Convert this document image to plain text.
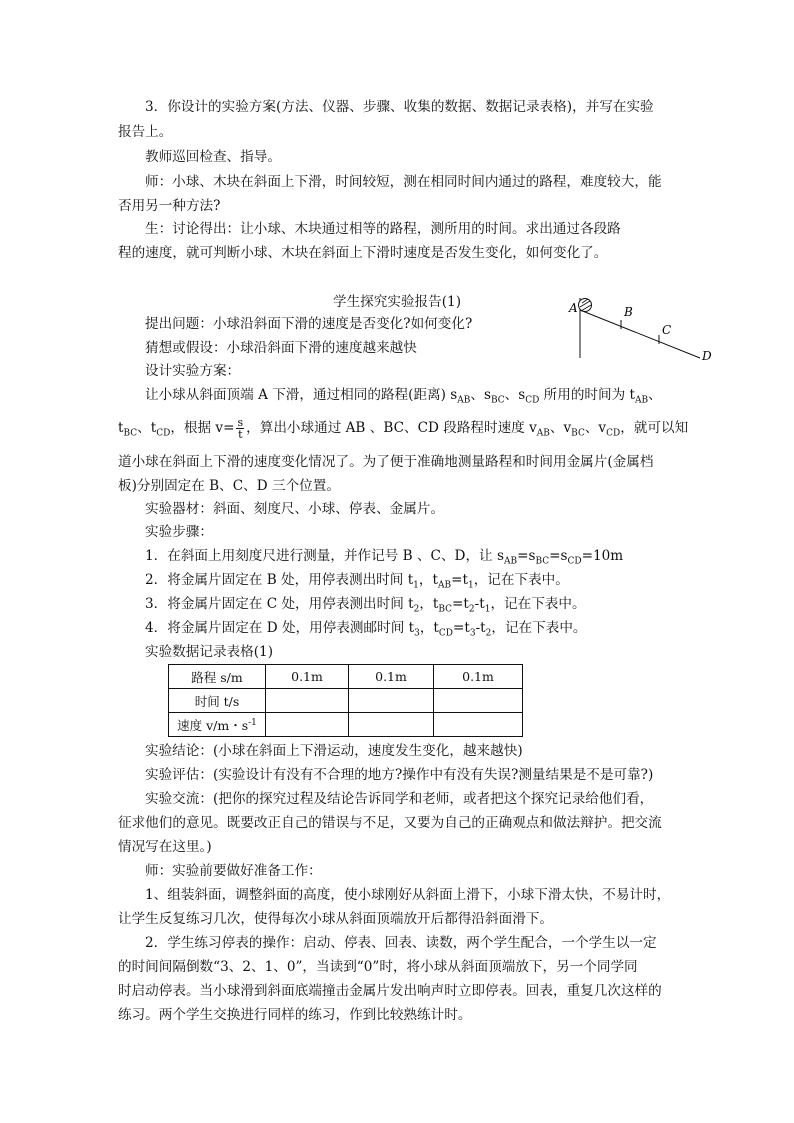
3．你设计的实验方案(方法、仪器、步骤、收集的数据、数据记录表格)，并写在实验
报告上。
教师巡回检查、指导。
师：小球、木块在斜面上下滑，时间较短，测在相同时间内通过的路程，难度较大，能
否用另一种方法?
生：讨论得出：让小球、木块通过相等的路程，测所用的时间。求出通过各段路
程的速度，就可判断小球、木块在斜面上下滑时速度是否发生变化，如何变化了。
学生探究实验报告(1)	A	B
C
D
提出问题：小球沿斜面下滑的速度是否变化?如何变化?
猜想或假设：小球沿斜面下滑的速度越来越快
设计实验方案：
让小球从斜面顶端 A 下滑，通过相同的路程(距离) $s_{AB}$、$s_{BC}$、$s_{CD}$ 所用的时间为 $t_{AB}$、
$t_{BC}$、$t_{CD}$，根据 $v= \frac{s}{t}$ ，算出小球通过 AB 、BC、CD 段路程时速度 $v_{AB}$、$v_{BC}$、$v_{CD}$，就可以知
道小球在斜面上下滑的速度变化情况了。为了便于准确地测量路程和时间用金属片(金属档
板)分别固定在 B、C、D 三个位置。
实验器材：斜面、刻度尺、小球、停表、金属片。
实验步骤：
1．在斜面上用刻度尺进行测量，并作记号 B 、C、D，让 $s_{AB}=s_{BC}=s_{CD}=10m$
2．将金属片固定在 B 处，用停表测出时间 $t_1$，$t_{AB}=t_1$，记在下表中。
3．将金属片固定在 C 处，用停表测出时间 $t_2$，$t_{BC}=t_2-t_1$，记在下表中。
4．将金属片固定在 D 处，用停表测邮时间 $t_3$，$t_{CD}=t_3-t_2$，记在下表中。
实验数据记录表格(1)
路程 s/m	0.1m	0.1m	0.1m
时间 t/s			
速度 v/m・$s^{-1}$			
实验结论：(小球在斜面上下滑运动，速度发生变化，越来越快)
实验评估：(实验设计有没有不合理的地方?操作中有没有失误?测量结果是不是可靠?)
实验交流：(把你的探究过程及结论告诉同学和老师，或者把这个探究记录给他们看，
征求他们的意见。既要改正自己的错误与不足，又要为自己的正确观点和做法辩护。把交流
情况写在这里。)
师：实验前要做好准备工作：
1、组装斜面，调整斜面的高度，使小球刚好从斜面上滑下，小球下滑太快，不易计时，
让学生反复练习几次，使得每次小球从斜面顶端放开后都得沿斜面滑下。
2．学生练习停表的操作：启动、停表、回表、读数，两个学生配合，一个学生以一定
的时间间隔倒数“3、2、1、0”，当读到“0”时，将小球从斜面顶端放下，另一个同学同
时启动停表。当小球滑到斜面底端撞击金属片发出响声时立即停表。回表，重复几次这样的
练习。两个学生交换进行同样的练习，作到比较熟练计时。
